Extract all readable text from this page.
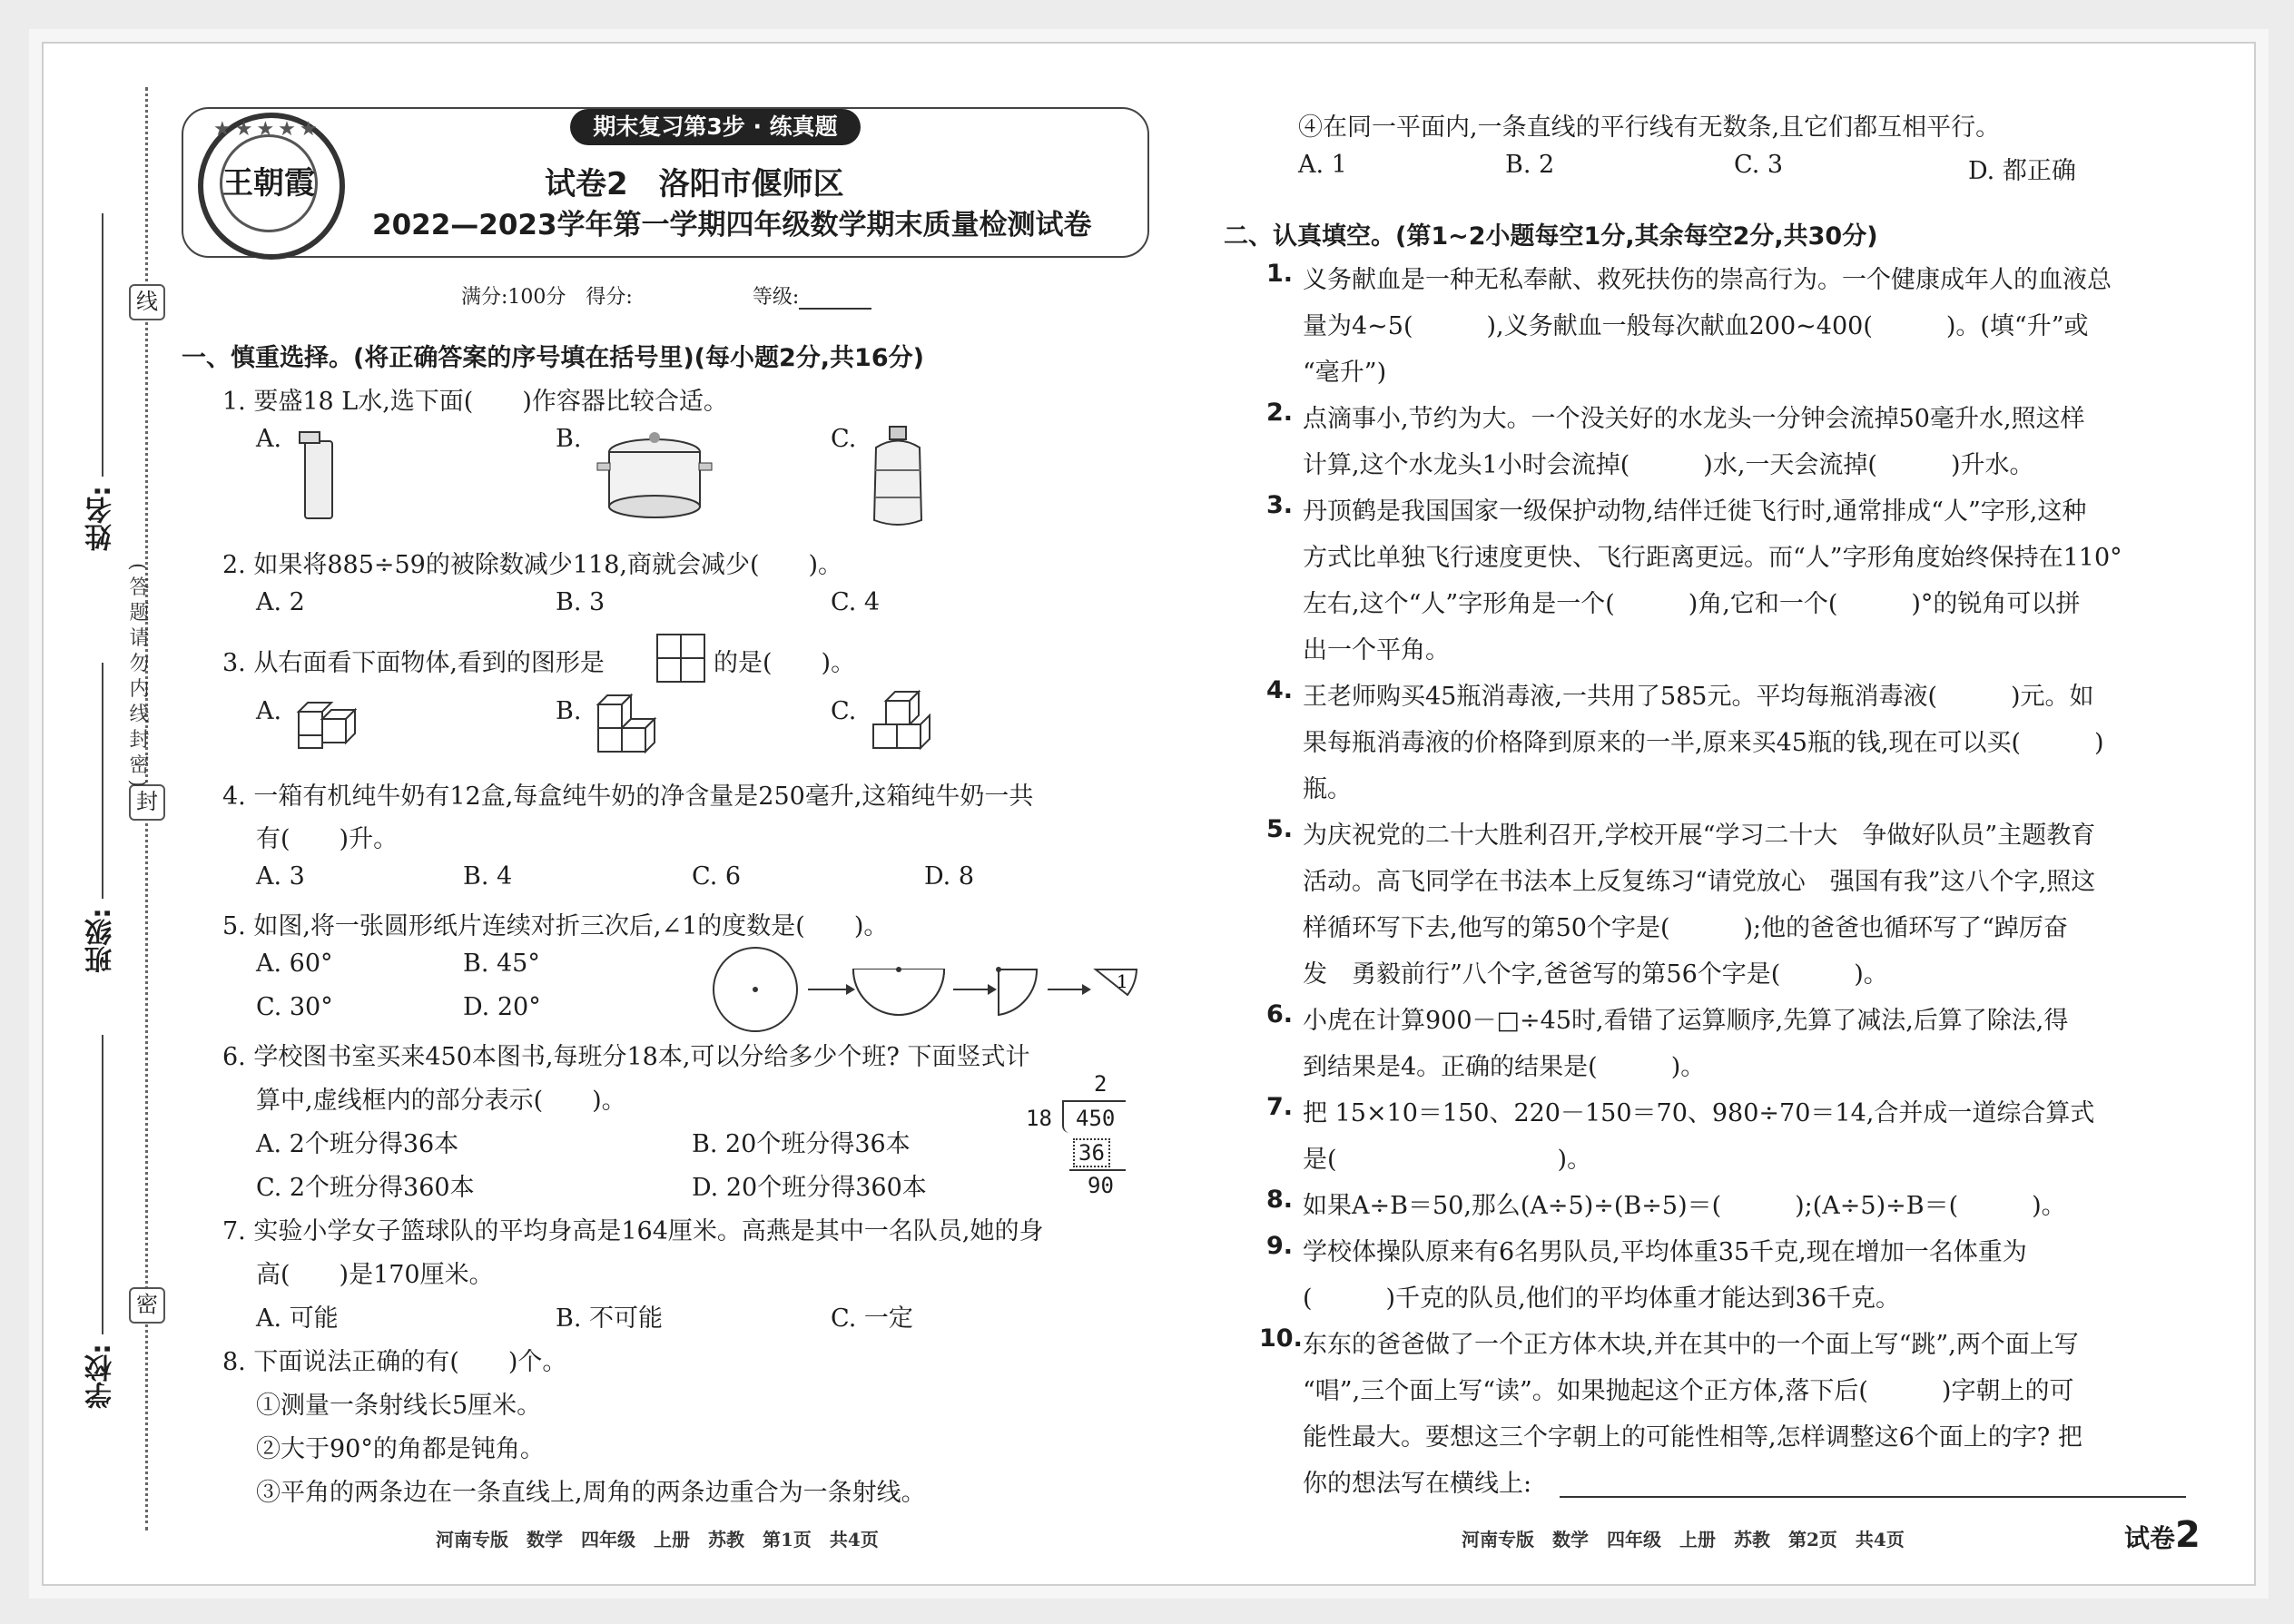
线
封
密
姓名:
班级:
学校:
(答题请勿内线封密)
王朝霞
★★★★★	期末复习第3步 · 练真题
试卷2　洛阳市偃师区
2022—2023学年第一学期四年级数学期末质量检测试卷
满分:100分　得分:　　　　　　等级:
一、慎重选择。(将正确答案的序号填在括号里)(每小题2分,共16分)
1. 要盛18 L水,选下面(　　)作容器比较合适。
A.	B.	C.
2. 如果将885÷59的被除数减少118,商就会减少(　　)。
A. 2	B. 3	C. 4
3. 从右面看下面物体,看到的图形是	的是(　　)。
A.	B.	C.
4. 一箱有机纯牛奶有12盒,每盒纯牛奶的净含量是250毫升,这箱纯牛奶一共
有(　　)升。
A. 3	B. 4	C. 6	D. 8
5. 如图,将一张圆形纸片连续对折三次后,∠1的度数是(　　)。
A. 60°	B. 45°
C. 30°	D. 20°
1
6. 学校图书室买来450本图书,每班分18本,可以分给多少个班? 下面竖式计
算中,虚线框内的部分表示(　　)。
A. 2个班分得36本	B. 20个班分得36本
C. 2个班分得360本	D. 20个班分得360本
2
18 450
36
90
7. 实验小学女子篮球队的平均身高是164厘米。高燕是其中一名队员,她的身
高(　　)是170厘米。
A. 可能	B. 不可能	C. 一定
8. 下面说法正确的有(　　)个。
①测量一条射线长5厘米。
②大于90°的角都是钝角。
③平角的两条边在一条直线上,周角的两条边重合为一条射线。
河南专版　数学　四年级　上册　苏教　第1页　共4页
④在同一平面内,一条直线的平行线有无数条,且它们都互相平行。
A. 1	B. 2	C. 3	D. 都正确
二、认真填空。(第1~2小题每空1分,其余每空2分,共30分)
1. 义务献血是一种无私奉献、救死扶伤的崇高行为。一个健康成年人的血液总
量为4~5(　　　),义务献血一般每次献血200~400(　　　)。(填“升”或
“毫升”)
2. 点滴事小,节约为大。一个没关好的水龙头一分钟会流掉50毫升水,照这样
计算,这个水龙头1小时会流掉(　　　)水,一天会流掉(　　　)升水。
3. 丹顶鹤是我国国家一级保护动物,结伴迁徙飞行时,通常排成“人”字形,这种
方式比单独飞行速度更快、飞行距离更远。而“人”字形角度始终保持在110°
左右,这个“人”字形角是一个(　　　)角,它和一个(　　　)°的锐角可以拼
出一个平角。
4. 王老师购买45瓶消毒液,一共用了585元。平均每瓶消毒液(　　　)元。如
果每瓶消毒液的价格降到原来的一半,原来买45瓶的钱,现在可以买(　　　)
瓶。
5. 为庆祝党的二十大胜利召开,学校开展“学习二十大　争做好队员”主题教育
活动。高飞同学在书法本上反复练习“请党放心　强国有我”这八个字,照这
样循环写下去,他写的第50个字是(　　　);他的爸爸也循环写了“踔厉奋
发　勇毅前行”八个字,爸爸写的第56个字是(　　　)。
6. 小虎在计算900－□÷45时,看错了运算顺序,先算了减法,后算了除法,得
到结果是4。正确的结果是(　　　)。
7. 把 15×10＝150、220－150＝70、980÷70＝14,合并成一道综合算式
是(　　　　　　　　　)。
8. 如果A÷B＝50,那么(A÷5)÷(B÷5)＝(　　　);(A÷5)÷B＝(　　　)。
9. 学校体操队原来有6名男队员,平均体重35千克,现在增加一名体重为
(　　　)千克的队员,他们的平均体重才能达到36千克。
10. 东东的爸爸做了一个正方体木块,并在其中的一个面上写“跳”,两个面上写
“唱”,三个面上写“读”。如果抛起这个正方体,落下后(　　　)字朝上的可
能性最大。要想这三个字朝上的可能性相等,怎样调整这6个面上的字? 把
你的想法写在横线上:
河南专版　数学　四年级　上册　苏教　第2页　共4页	试卷2
